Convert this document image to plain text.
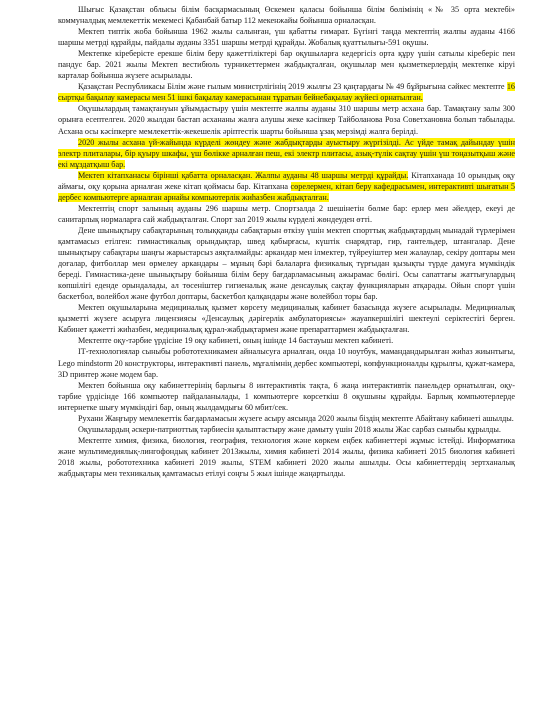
Шығыс Қазақстан облысы білім басқармасының Өскемен қаласы бойынша білім бөлімінің «№ 35 орта мектебі» коммуналдық мемлекеттік мекемесі Қабанбай батыр 112 мекенжайы бойынша орналасқан.

Мектеп типтік жоба бойынша 1962 жылы салынған, үш қабатты ғимарат. Бүгінгі таңда мектептің жалпы ауданы 4166 шаршы метрді құрайды, пайдалы ауданы 3351 шаршы метрді құрайды. Жобалық қуаттылығы-591 оқушы.

Мектепке кіреберісте ерекше білім беру қажеттіліктері бар оқушыларға кедергісіз орта құру үшін сатылы кіреберіс пен пандус бар. 2021 жылы Мектеп вестибюль турникеттермен жабдықталған, оқушылар мен қызметкерлердің мектепке кіруі карталар бойынша жүзеге асырылады.

Қазақстан Республикасы Білім және ғылым министрлігінің 2019 жылғы 23 қаңтардағы № 49 бұйрығына сәйкес мектепте 16 сыртқы бақылау камерасы мен 51 ішкі бақылау камерасынан тұратын бейнебақылау жүйесі орнатылған.

Оқушылардың тамақтануын ұйымдастыру үшін мектепте жалпы ауданы 310 шаршы метр асхана бар. Тамақтану залы 300 орынға есептелген. 2020 жылдан бастап асхананы жалға алушы жеке кәсіпкер Тайболанова Роза Советхановна болып табылады. Асхана осы кәсіпкерге мемлекеттік-жекешелік әріптестік шарты бойынша ұзақ мерзімді жалға берілді.

2020 жылы асхана үй-жайында күрделі жөндеу және жабдықтарды ауыстыру жүргізілді. Ас үйде тамақ дайындау үшін электр плиталары, бір қуыру шкафы, үш бөлікке арналған пеш, екі электр плитасы, азық-түлік сақтау үшін үш тоңазытқыш және екі мұздатқыш бар.

Мектеп кітапханасы бірінші қабатта орналасқан. Жалпы ауданы 48 шаршы метрді құрайды. Кітапханада 10 орындық оқу аймағы, оқу қорына арналған жеке кітап қоймасы бар. Кітапхана сөрелермен, кітап беру кафедрасымен, интерактивті шығатын 5 дербес компьютерге арналған арнайы компьютерлік жиһазбен жабдықталған.

Мектептің спорт залының ауданы 296 шаршы метр. Спортзалда 2 шешінетін бөлме бар: ерлер мен әйелдер, екеуі де санитарлық нормаларға сай жабдықталған. Спорт зал 2019 жылы күрделі жөндеуден өтті.

Дене шынықтыру сабақтарының толыққанды сабақтарын өткізу үшін мектеп спорттық жабдықтардың мынадай түрлерімен қамтамасыз етілген: гимнастикалық орындықтар, швед қабырғасы, күштік снарядтар, гир, гантельдер, штангалар. Дене шынықтыру сабақтары шаңғы жарыстарсыз аяқталмайды: аркандар мен ілмектер, түйреуіштер мен жалаулар, секіру доптары мен доғалар, фитболлар мен өрмелеу аркандары – мұның бәрі балаларға физикалық түрғыдан қызықты түрде дамуға мүмкіндік береді. Гимнастика-дене шынықтыру бойынша білім беру бағдарламасының ажырамас бөлігі. Осы сапаттағы жаттығулардың көпшілігі еденде орындалады, ал төсеніштер гигиеналық және денсаулық сақтау функцияларын атқарады. Ойын спорт үшін баскетбол, волейбол және футбол доптары, баскетбол қалқандары және волейбол торы бар.

Мектеп оқушыларына медициналық қызмет көрсету медициналық кабинет базасында жүзеге асырылады. Медициналық қызметті жүзеге асыруға лицензиясы «Денсаулық дәрігерлік амбулаториясы» жауапкершілігі шектеулі серіктестігі берген. Кабинет қажетті жиһазбен, медициналық құрал-жабдықтармен және препараттармен жабдықталған.

Мектепте оқу-тәрбие үрдісіне 19 оқу кабинеті, оның ішінде 14 бастауыш мектеп кабинеті.

ІТ-технологиялар сыныбы робототехникамен айналысуға арналған, онда 10 ноутбук, мамандандырылған жиһаз жиынтығы, Lego mindstorm 20 конструкторы, интерактивті панель, мұғалімнің дербес компьютері, көпфункционалды құрылғы, құжат-камера, 3D принтер және модем бар.

Мектеп бойынша оқу кабинеттерінің барлығы 8 интерактивтік тақта, 6 жаңа интерактивтік панельдер орнатылған, оқу-тәрбие үрдісінде 166 компьютер пайдаланылады, 1 компьютерге көрсеткіш 8 оқушыны құрайды. Барлық компьютерлерде интернетке шығу мүмкіндігі бар, оның жылдамдығы 60 мбит/сек.

Рухани Жаңғыру мемлекеттік бағдарламасын жүзеге асыру аясында 2020 жылы біздің мектепте Абайтану кабинеті ашылды.

Оқушылардың әскери-патриоттық тәрбиесін қалыптастыру және дамыту үшін 2018 жылы Жас сарбаз сыныбы құрылды.

Мектепте химия, физика, биология, география, технология және көркем еңбек кабинеттері жұмыс істейді. Информатика және мультимедиялық-лингофондық кабинет 2013жылы, химия кабинеті 2014 жылы, физика кабинеті 2015 биология кабинеті 2018 жылы, робототехника кабинеті 2019 жылы, STEM кабинеті 2020 жылы ашылды. Осы кабинеттердің зертханалық жабдықтары мен техникалық қамтамасыз етілуі соңғы 5 жыл ішінде жаңартылды.
